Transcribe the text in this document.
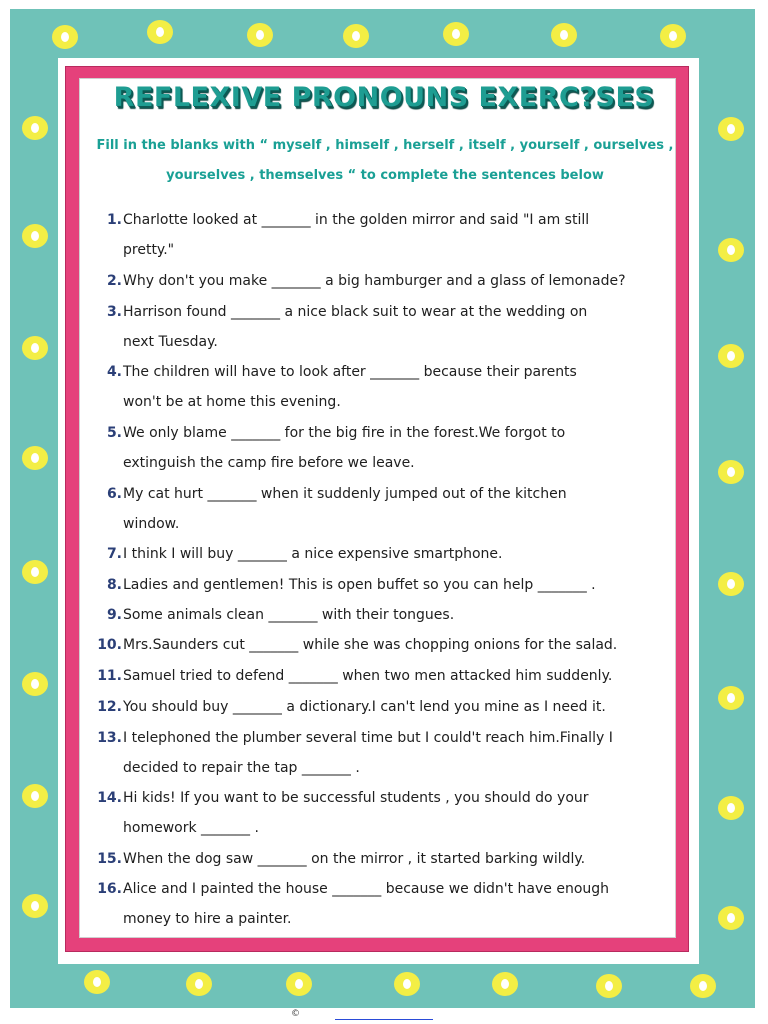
REFLEXIVE PRONOUNS EXERC?SES

Fill in the blanks with “ myself , himself , herself , itself , yourself , ourselves ,

yourselves , themselves “ to complete the sentences below

1. Charlotte looked at _______ in the golden mirror and said "I am still
pretty."
2. Why don't you make _______ a big hamburger and a glass of lemonade?
3. Harrison found _______ a nice black suit to wear at the wedding on
next Tuesday.
4. The children will have to look after _______ because their parents
won't be at home this evening.
5. We only blame _______ for the big fire in the forest.We forgot to
extinguish the camp fire before we leave.
6. My cat hurt _______ when it suddenly jumped out of the kitchen
window.
7. I think I will buy _______ a nice expensive smartphone.
8. Ladies and gentlemen! This is open buffet so you can help _______ .
9. Some animals clean _______ with their tongues.
10. Mrs.Saunders cut _______ while she was chopping onions for the salad.
11. Samuel tried to defend _______ when two men attacked him suddenly.
12. You should buy _______ a dictionary.I can't lend you mine as I need it.
13. I telephoned the plumber several time but I could't reach him.Finally I
decided to repair the tap _______ .
14. Hi kids! If you want to be successful students , you should do your
homework _______ .
15. When the dog saw _______ on the mirror , it started barking wildly.
16. Alice and I painted the house _______ because we didn't have enough
money to hire a painter.
©
